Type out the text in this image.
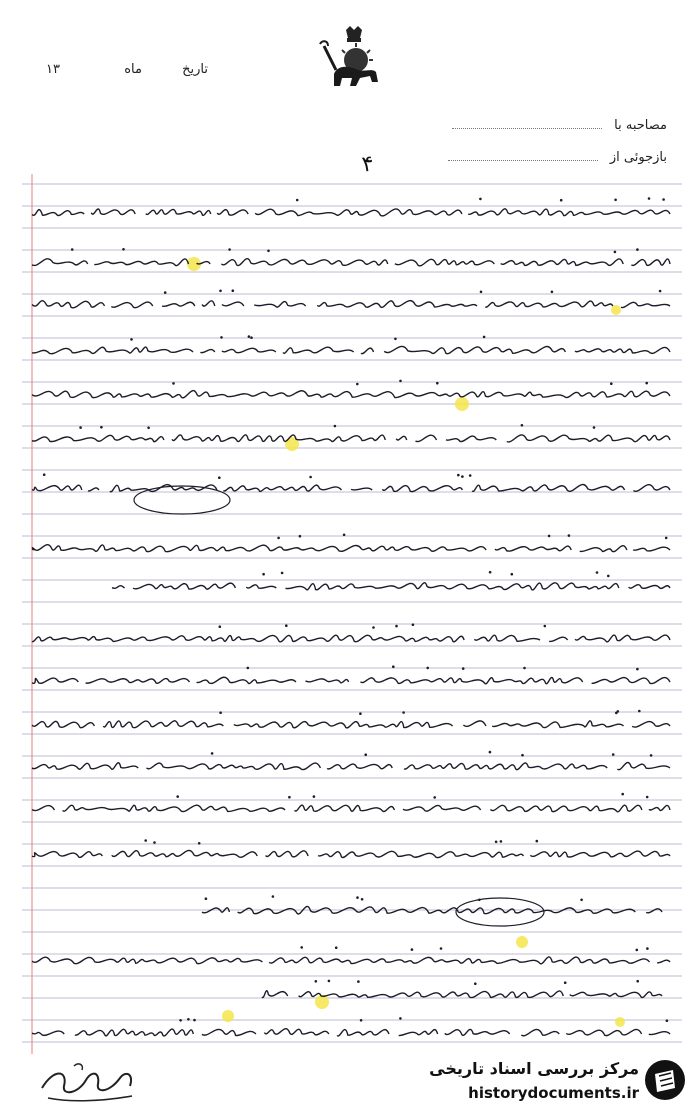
تاریخ
ماه
۱۳
مصاحبه با
بازجوئی از
۴
مرکز بررسی اسناد تاریخی
historydocuments.ir
